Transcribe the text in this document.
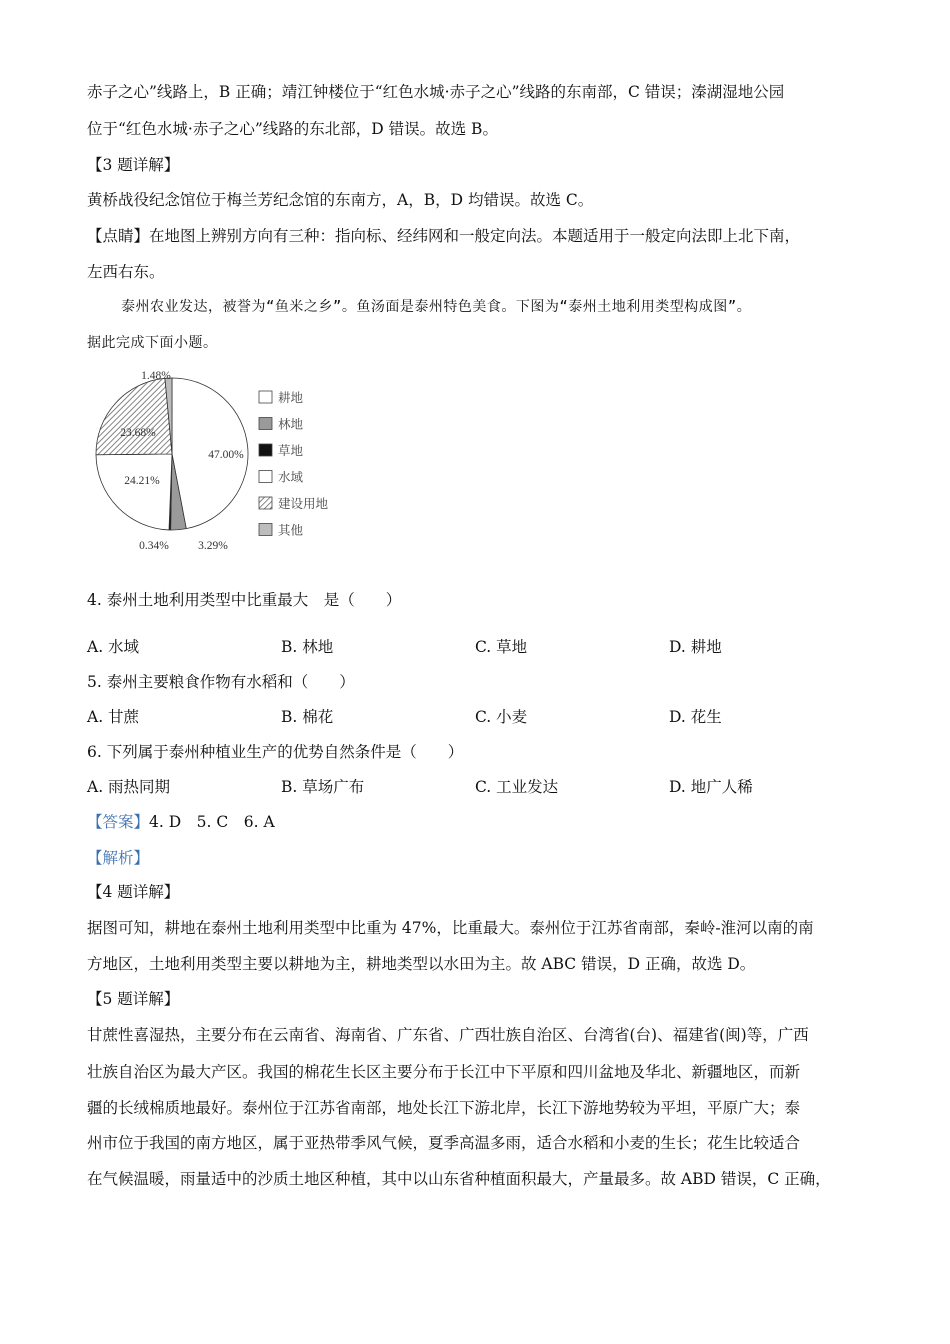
赤子之心”线路上，B 正确；靖江钟楼位于“红色水城·赤子之心”线路的东南部，C 错误；溱湖湿地公园
位于“红色水城·赤子之心”线路的东北部，D 错误。故选 B。
【3 题详解】
黄桥战役纪念馆位于梅兰芳纪念馆的东南方，A，B，D 均错误。故选 C。
【点睛】在地图上辨别方向有三种：指向标、经纬网和一般定向法。本题适用于一般定向法即上北下南，
左西右东。
泰州农业发达，被誉为“鱼米之乡”。鱼汤面是泰州特色美食。下图为“泰州土地利用类型构成图”。
据此完成下面小题。
47.00%
3.29%
0.34%
24.21%
23.68%
1.48%
耕地
林地
草地
水域
建设用地
其他
4. 泰州土地利用类型中比重最大　是（　　）
A. 水域	B. 林地	C. 草地	D. 耕地
5. 泰州主要粮食作物有水稻和（　　）
A. 甘蔗	B. 棉花	C. 小麦	D. 花生
6. 下列属于泰州种植业生产的优势自然条件是（　　）
A. 雨热同期	B. 草场广布	C. 工业发达	D. 地广人稀
【答案】4. D　5. C　6. A
【解析】
【4 题详解】
据图可知，耕地在泰州土地利用类型中比重为 47%，比重最大。泰州位于江苏省南部，秦岭-淮河以南的南
方地区，土地利用类型主要以耕地为主，耕地类型以水田为主。故 ABC 错误，D 正确，故选 D。
【5 题详解】
甘蔗性喜湿热，主要分布在云南省、海南省、广东省、广西壮族自治区、台湾省(台)、福建省(闽)等，广西
壮族自治区为最大产区。我国的棉花生长区主要分布于长江中下平原和四川盆地及华北、新疆地区，而新
疆的长绒棉质地最好。泰州位于江苏省南部，地处长江下游北岸，长江下游地势较为平坦，平原广大；泰
州市位于我国的南方地区，属于亚热带季风气候，夏季高温多雨，适合水稻和小麦的生长；花生比较适合
在气候温暖，雨量适中的沙质土地区种植，其中以山东省种植面积最大，产量最多。故 ABD 错误，C 正确，
